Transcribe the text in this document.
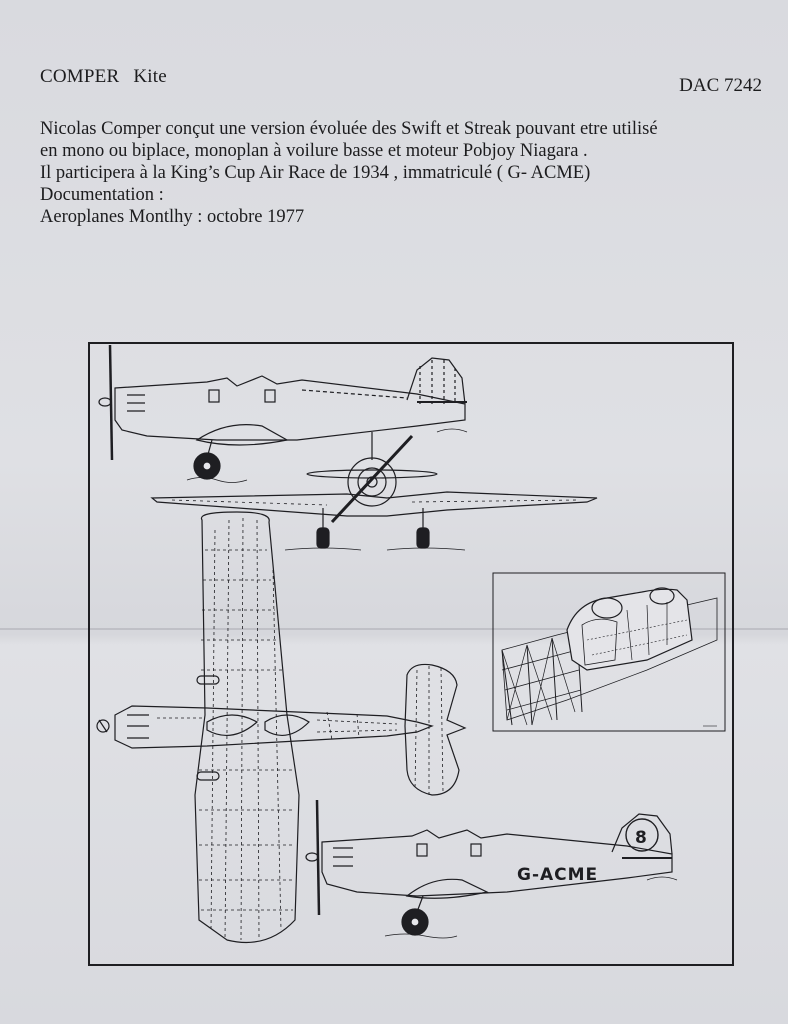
COMPER Kite	DAC 7242
Nicolas Comper conçut une version évoluée des Swift et Streak pouvant etre utilisé
en mono ou biplace, monoplan à voilure basse et moteur Pobjoy Niagara .
Il participera à la King’s Cup Air Race de 1934 , immatriculé ( G- ACME)
Documentation :
Aeroplanes Montlhy : octobre 1977
8
G-ACME
